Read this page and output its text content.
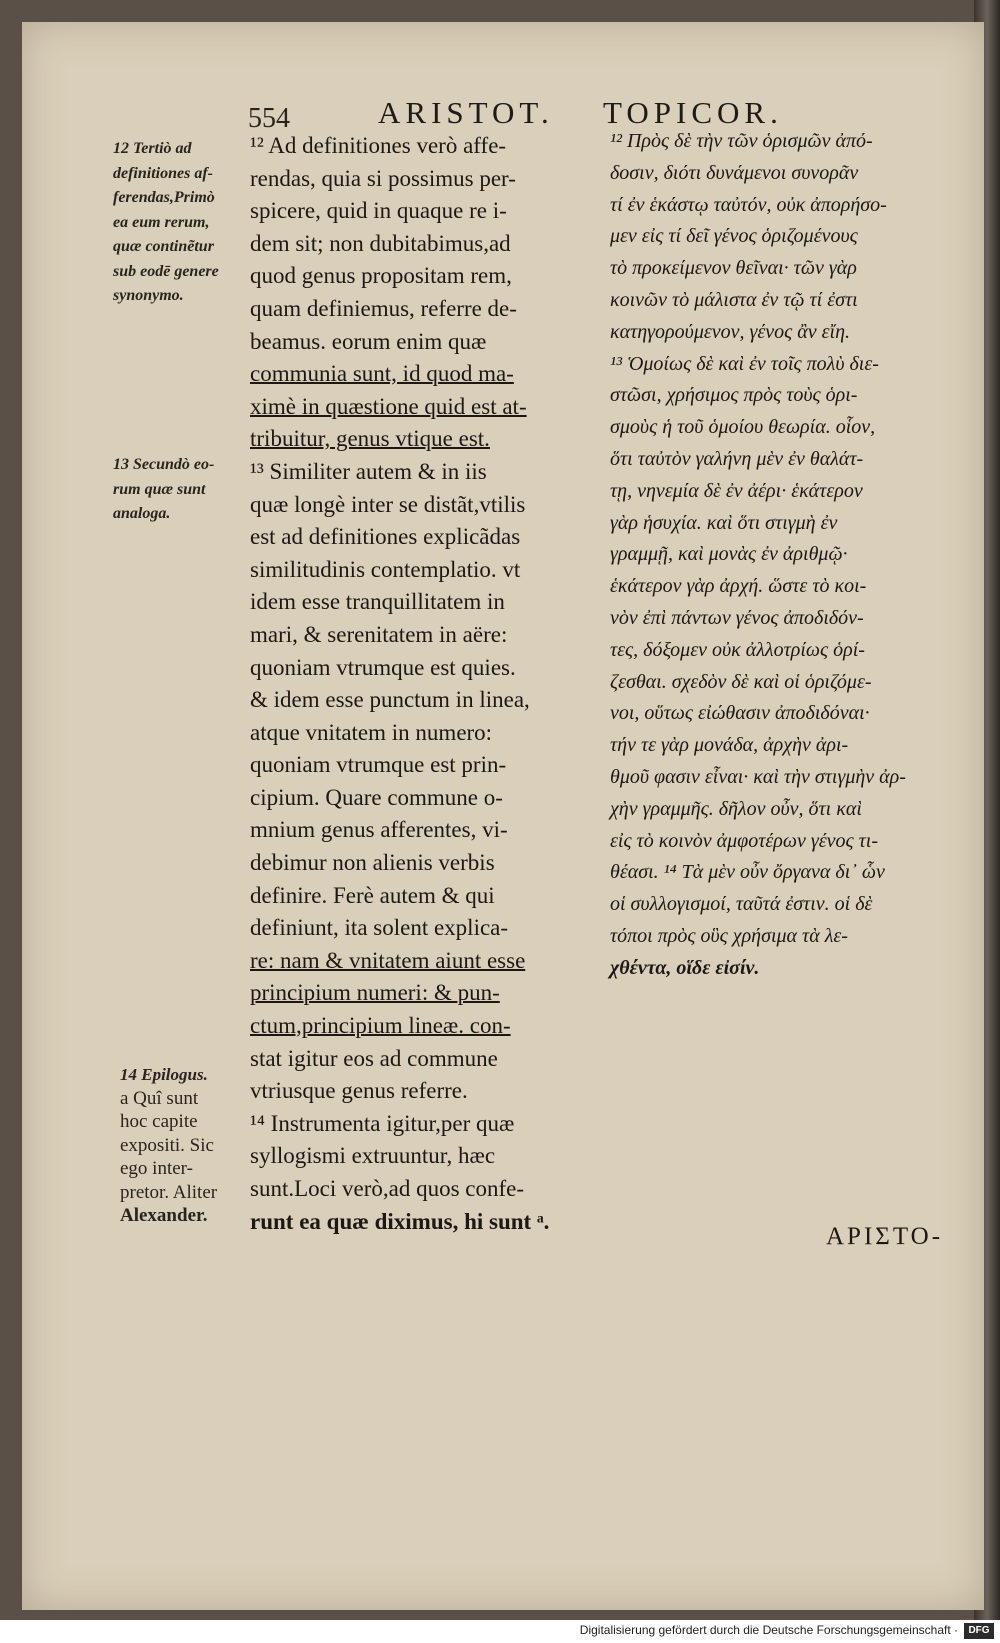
554	ARISTOT. TOPICOR.
12 Tertiò ad
definitiones af-
ferendas,Primò
ea eum rerum,
quæ continẽtur
sub eodē genere
synonymo.
13 Secundò eo-
rum quæ sunt
analoga.
14 Epilogus.
a Quî sunt
hoc capite
expositi. Sic
ego inter-
pretor. Aliter
Alexander.
¹² Ad definitiones verò affe-
rendas, quia si possimus per-
spicere, quid in quaque re i-
dem sit; non dubitabimus,ad
quod genus propositam rem,
quam definiemus, referre de-
beamus. eorum enim quæ
communia sunt, id quod ma-
ximè in quæstione quid est at-
tribuitur, genus vtique est.
¹³ Similiter autem & in iis
quæ longè inter se distãt,vtilis
est ad definitiones explicãdas
similitudinis contemplatio. vt
idem esse tranquillitatem in
mari, & serenitatem in aëre:
quoniam vtrumque est quies.
& idem esse punctum in linea,
atque vnitatem in numero:
quoniam vtrumque est prin-
cipium. Quare commune o-
mnium genus afferentes, vi-
debimur non alienis verbis
definire. Ferè autem & qui
definiunt, ita solent explica-
re: nam & vnitatem aiunt esse
principium numeri: & pun-
ctum,principium lineæ. con-
stat igitur eos ad commune
vtriusque genus referre.
¹⁴ Instrumenta igitur,per quæ
syllogismi extruuntur, hæc
sunt.Loci verò,ad quos confe-
runt ea quæ diximus, hi sunt ᵃ.
¹² Πρὸς δὲ τὴν τῶν ὁρισμῶν ἀπό-
δοσιν, διότι δυνάμενοι συνορᾶν
τί ἐν ἑκάστῳ ταὐτόν, οὐκ ἀπορήσο-
μεν εἰς τί δεῖ γένος ὁριζομένους
τὸ προκείμενον θεῖναι· τῶν γὰρ
κοινῶν τὸ μάλιστα ἐν τῷ τί ἐστι
κατηγορούμενον, γένος ἂν εἴη.
¹³ Ὁμοίως δὲ καὶ ἐν τοῖς πολὺ διε-
στῶσι, χρήσιμος πρὸς τοὺς ὁρι-
σμοὺς ἡ τοῦ ὁμοίου θεωρία. οἷον,
ὅτι ταὐτὸν γαλήνη μὲν ἐν θαλάτ-
τῃ, νηνεμία δὲ ἐν ἀέρι· ἑκάτερον
γὰρ ἡσυχία. καὶ ὅτι στιγμὴ ἐν
γραμμῇ, καὶ μονὰς ἐν ἀριθμῷ·
ἑκάτερον γὰρ ἀρχή. ὥστε τὸ κοι-
νὸν ἐπὶ πάντων γένος ἀποδιδόν-
τες, δόξομεν οὐκ ἀλλοτρίως ὁρί-
ζεσθαι. σχεδὸν δὲ καὶ οἱ ὁριζόμε-
νοι, οὕτως εἰώθασιν ἀποδιδόναι·
τήν τε γὰρ μονάδα, ἀρχὴν ἀρι-
θμοῦ φασιν εἶναι· καὶ τὴν στιγμὴν ἀρ-
χὴν γραμμῆς. δῆλον οὖν, ὅτι καὶ
εἰς τὸ κοινὸν ἀμφοτέρων γένος τι-
θέασι. ¹⁴ Τὰ μὲν οὖν ὄργανα δι᾽ ὧν
οἱ συλλογισμοί, ταῦτά ἐστιν. οἱ δὲ
τόποι πρὸς οὓς χρήσιμα τὰ λε-
χθέντα, οἵδε εἰσίν.
ΑΡΙΣΤΟ-
Digitalisierung gefördert durch die Deutsche Forschungsgemeinschaft ·	DFG
